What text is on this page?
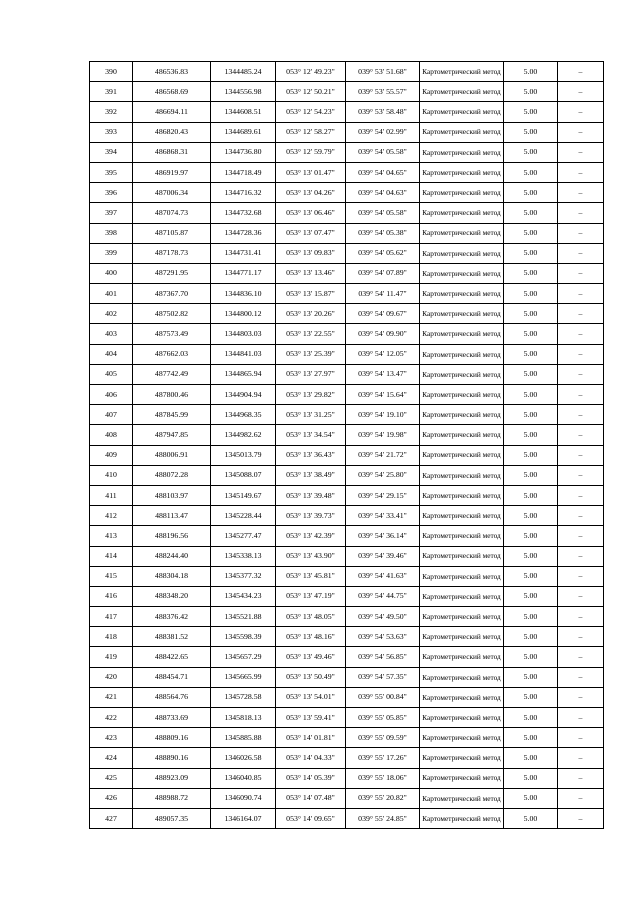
390	486536.83	1344485.24	053° 12' 49.23"	039° 53' 51.68"	Картометрический метод	5.00	–
391	486568.69	1344556.98	053° 12' 50.21"	039° 53' 55.57"	Картометрический метод	5.00	–
392	486694.11	1344608.51	053° 12' 54.23"	039° 53' 58.48"	Картометрический метод	5.00	–
393	486820.43	1344689.61	053° 12' 58.27"	039° 54' 02.99"	Картометрический метод	5.00	–
394	486868.31	1344736.80	053° 12' 59.79"	039° 54' 05.58"	Картометрический метод	5.00	–
395	486919.97	1344718.49	053° 13' 01.47"	039° 54' 04.65"	Картометрический метод	5.00	–
396	487006.34	1344716.32	053° 13' 04.26"	039° 54' 04.63"	Картометрический метод	5.00	–
397	487074.73	1344732.68	053° 13' 06.46"	039° 54' 05.58"	Картометрический метод	5.00	–
398	487105.87	1344728.36	053° 13' 07.47"	039° 54' 05.38"	Картометрический метод	5.00	–
399	487178.73	1344731.41	053° 13' 09.83"	039° 54' 05.62"	Картометрический метод	5.00	–
400	487291.95	1344771.17	053° 13' 13.46"	039° 54' 07.89"	Картометрический метод	5.00	–
401	487367.70	1344836.10	053° 13' 15.87"	039° 54' 11.47"	Картометрический метод	5.00	–
402	487502.82	1344800.12	053° 13' 20.26"	039° 54' 09.67"	Картометрический метод	5.00	–
403	487573.49	1344803.03	053° 13' 22.55"	039° 54' 09.90"	Картометрический метод	5.00	–
404	487662.03	1344841.03	053° 13' 25.39"	039° 54' 12.05"	Картометрический метод	5.00	–
405	487742.49	1344865.94	053° 13' 27.97"	039° 54' 13.47"	Картометрический метод	5.00	–
406	487800.46	1344904.94	053° 13' 29.82"	039° 54' 15.64"	Картометрический метод	5.00	–
407	487845.99	1344968.35	053° 13' 31.25"	039° 54' 19.10"	Картометрический метод	5.00	–
408	487947.85	1344982.62	053° 13' 34.54"	039° 54' 19.98"	Картометрический метод	5.00	–
409	488006.91	1345013.79	053° 13' 36.43"	039° 54' 21.72"	Картометрический метод	5.00	–
410	488072.28	1345088.07	053° 13' 38.49"	039° 54' 25.80"	Картометрический метод	5.00	–
411	488103.97	1345149.67	053° 13' 39.48"	039° 54' 29.15"	Картометрический метод	5.00	–
412	488113.47	1345228.44	053° 13' 39.73"	039° 54' 33.41"	Картометрический метод	5.00	–
413	488196.56	1345277.47	053° 13' 42.39"	039° 54' 36.14"	Картометрический метод	5.00	–
414	488244.40	1345338.13	053° 13' 43.90"	039° 54' 39.46"	Картометрический метод	5.00	–
415	488304.18	1345377.32	053° 13' 45.81"	039° 54' 41.63"	Картометрический метод	5.00	–
416	488348.20	1345434.23	053° 13' 47.19"	039° 54' 44.75"	Картометрический метод	5.00	–
417	488376.42	1345521.88	053° 13' 48.05"	039° 54' 49.50"	Картометрический метод	5.00	–
418	488381.52	1345598.39	053° 13' 48.16"	039° 54' 53.63"	Картометрический метод	5.00	–
419	488422.65	1345657.29	053° 13' 49.46"	039° 54' 56.85"	Картометрический метод	5.00	–
420	488454.71	1345665.99	053° 13' 50.49"	039° 54' 57.35"	Картометрический метод	5.00	–
421	488564.76	1345728.58	053° 13' 54.01"	039° 55' 00.84"	Картометрический метод	5.00	–
422	488733.69	1345818.13	053° 13' 59.41"	039° 55' 05.85"	Картометрический метод	5.00	–
423	488809.16	1345885.88	053° 14' 01.81"	039° 55' 09.59"	Картометрический метод	5.00	–
424	488890.16	1346026.58	053° 14' 04.33"	039° 55' 17.26"	Картометрический метод	5.00	–
425	488923.09	1346040.85	053° 14' 05.39"	039° 55' 18.06"	Картометрический метод	5.00	–
426	488988.72	1346090.74	053° 14' 07.48"	039° 55' 20.82"	Картометрический метод	5.00	–
427	489057.35	1346164.07	053° 14' 09.65"	039° 55' 24.85"	Картометрический метод	5.00	–
